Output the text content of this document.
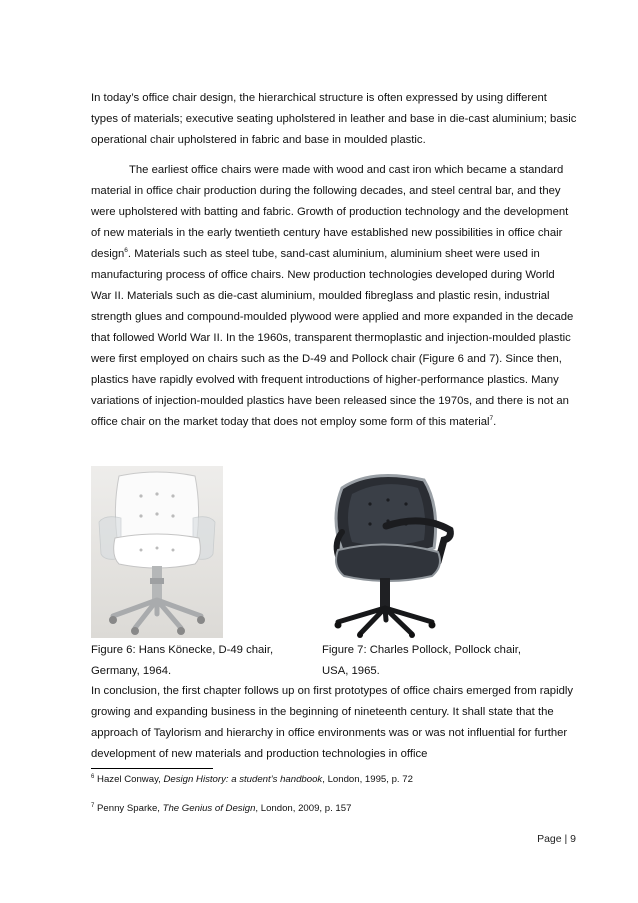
In today’s office chair design, the hierarchical structure is often expressed by using different types of materials; executive seating upholstered in leather and base in die-cast aluminium; basic operational chair upholstered in fabric and base in moulded plastic.

The earliest office chairs were made with wood and cast iron which became a standard material in office chair production during the following decades, and steel central bar, and they were upholstered with batting and fabric. Growth of production technology and the development of new materials in the early twentieth century have established new possibilities in office chair design$^6$. Materials such as steel tube, sand-cast aluminium, aluminium sheet were used in manufacturing process of office chairs. New production technologies developed during World War II. Materials such as die-cast aluminium, moulded fibreglass and plastic resin, industrial strength glues and compound-moulded plywood were applied and more expanded in the decade that followed World War II. In the 1960s, transparent thermoplastic and injection-moulded plastic were first employed on chairs such as the D-49 and Pollock chair (Figure 6 and 7). Since then, plastics have rapidly evolved with frequent introductions of higher-performance plastics. Many variations of injection-moulded plastics have been released since the 1970s, and there is not an office chair on the market today that does not employ some form of this material$^7$.

Figure 6: Hans Könecke, D-49 chair,
Germany, 1964.

Figure 7: Charles Pollock, Pollock chair,
USA, 1965.

In conclusion, the first chapter follows up on first prototypes of office chairs emerged from rapidly growing and expanding business in the beginning of nineteenth century. It shall state that the approach of Taylorism and hierarchy in office environments was or was not influential for further development of new materials and production technologies in office

$^6$ Hazel Conway, Design History: a student’s handbook, London, 1995, p. 72

$^7$ Penny Sparke, The Genius of Design, London, 2009, p. 157

Page | 9
